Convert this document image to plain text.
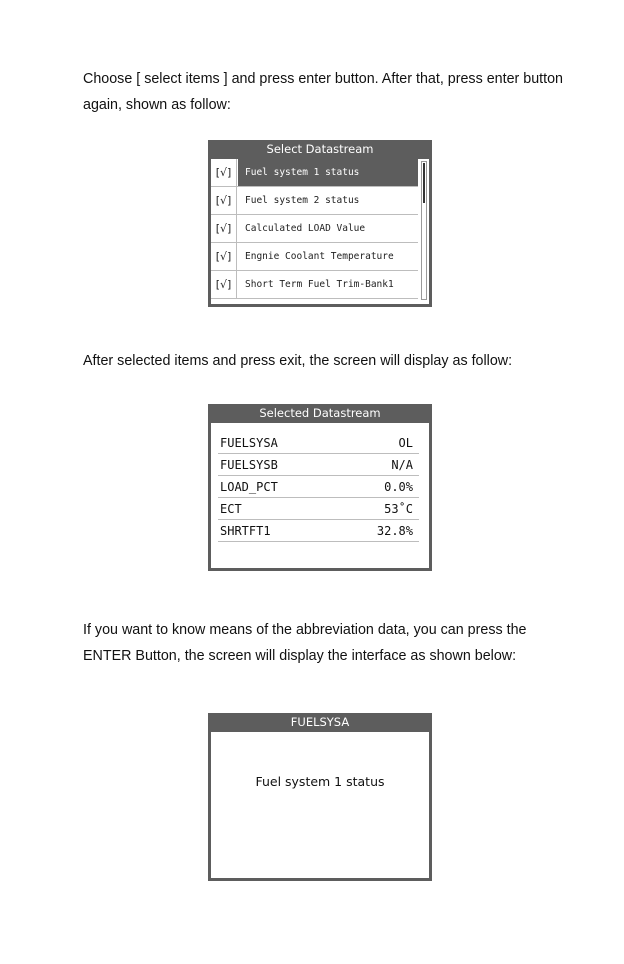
Choose [ select items ] and press enter button. After that, press enter button again, shown as follow:

Select Datastream
[√]	Fuel system 1 status
[√]	Fuel system 2 status
[√]	Calculated LOAD Value
[√]	Engnie Coolant Temperature
[√]	Short Term Fuel Trim-Bank1

After selected items and press exit, the screen will display as follow:

Selected Datastream
FUELSYSA	OL
FUELSYSB	N/A
LOAD_PCT	0.0%
ECT	53˚C
SHRTFT1	32.8%

If you want to know means of the abbreviation data, you can press the ENTER Button, the screen will display the interface as shown below:

FUELSYSA
Fuel system 1 status
